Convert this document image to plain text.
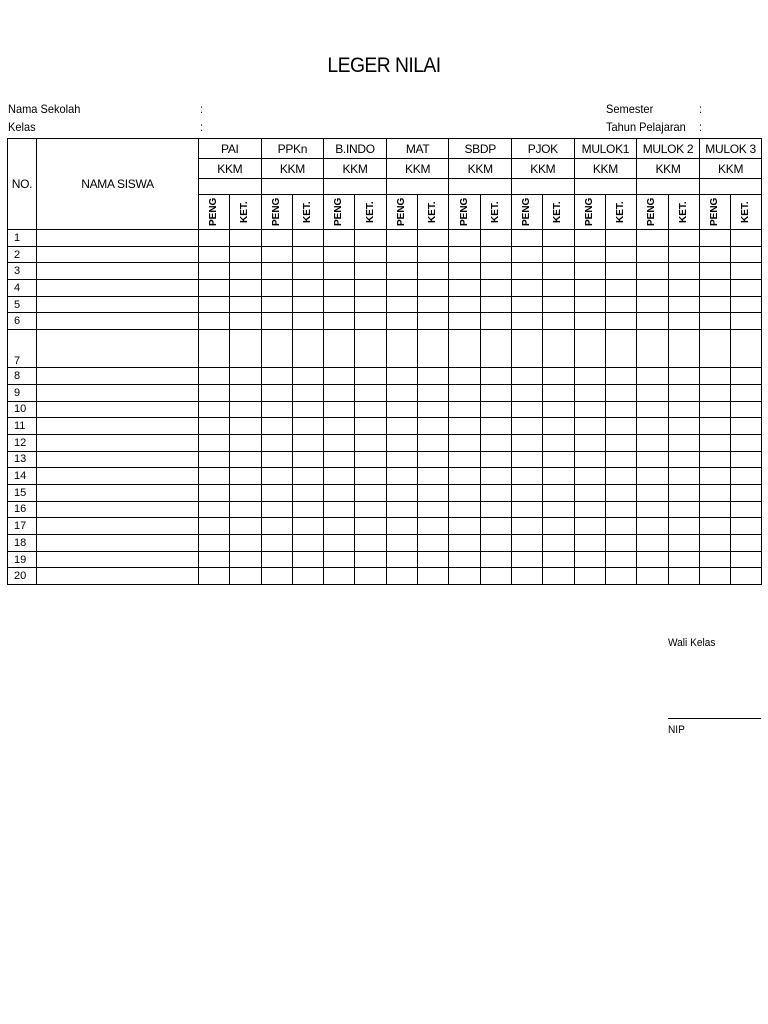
LEGER NILAI
Nama Sekolah	:
Kelas	:
Semester	:
Tahun Pelajaran :
NO.	NAMA SISWA	PAI		PPKn		B.INDO		MAT		SBDP		PJOK		MULOK1		MULOK 2		MULOK 3	
		KKM		KKM		KKM		KKM		KKM		KKM		KKM		KKM		KKM	

		PENG	KET.	PENG	KET.	PENG	KET.	PENG	KET.	PENG	KET.	PENG	KET.	PENG	KET.	PENG	KET.	PENG	KET.

1																			
2																			
3																			
4																			
5																			
6																			
7																			
8																			
9																			
10																			
11																			
12																			
13																			
14																			
15																			
16																			
17																			
18																			
19																			
20																			
Wali Kelas
NIP
